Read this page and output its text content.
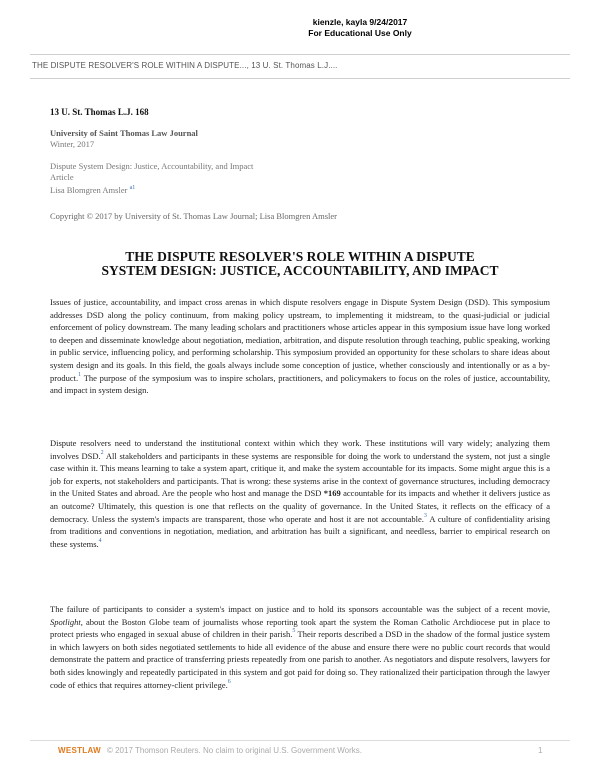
kienzle, kayla 9/24/2017
For Educational Use Only
THE DISPUTE RESOLVER'S ROLE WITHIN A DISPUTE..., 13 U. St. Thomas L.J....
13 U. St. Thomas L.J. 168
University of Saint Thomas Law Journal
Winter, 2017
Dispute System Design: Justice, Accountability, and Impact
Article
Lisa Blomgren Amsler $^{a1}$
Copyright © 2017 by University of St. Thomas Law Journal; Lisa Blomgren Amsler
THE DISPUTE RESOLVER'S ROLE WITHIN A DISPUTE
SYSTEM DESIGN: JUSTICE, ACCOUNTABILITY, AND IMPACT
Issues of justice, accountability, and impact cross arenas in which dispute resolvers engage in Dispute System Design (DSD). This symposium addresses DSD along the policy continuum, from making policy upstream, to implementing it midstream, to the quasi-judicial or judicial enforcement of policy downstream. The many leading scholars and practitioners whose articles appear in this symposium issue have long worked to deepen and disseminate knowledge about negotiation, mediation, arbitration, and dispute resolution through teaching, public speaking, working in public service, influencing policy, and performing scholarship. This symposium provided an opportunity for these scholars to share ideas about system design and its goals. In this field, the goals always include some conception of justice, whether consciously and intentionally or as a by-product.$^1$ The purpose of the symposium was to inspire scholars, practitioners, and policymakers to focus on the roles of justice, accountability, and impact in system design.
Dispute resolvers need to understand the institutional context within which they work. These institutions will vary widely; analyzing them involves DSD.$^2$ All stakeholders and participants in these systems are responsible for doing the work to understand the system, not just a single case within it. This means learning to take a system apart, critique it, and make the system accountable for its impacts. Some might argue this is a job for experts, not stakeholders and participants. That is wrong: these systems arise in the context of governance structures, including democracy in the United States and abroad. Are the people who host and manage the DSD *169 accountable for its impacts and whether it delivers justice as an outcome? Ultimately, this question is one that reflects on the quality of governance. In the United States, it reflects on the efficacy of a democracy. Unless the system's impacts are transparent, those who operate and host it are not accountable.$^3$ A culture of confidentiality arising from traditions and conventions in negotiation, mediation, and arbitration has built a significant, and needless, barrier to empirical research on these systems.$^4$
The failure of participants to consider a system's impact on justice and to hold its sponsors accountable was the subject of a recent movie, Spotlight, about the Boston Globe team of journalists whose reporting took apart the system the Roman Catholic Archdiocese put in place to protect priests who engaged in sexual abuse of children in their parish.$^5$ Their reports described a DSD in the shadow of the formal justice system in which lawyers on both sides negotiated settlements to hide all evidence of the abuse and ensure there were no public court records that would demonstrate the pattern and practice of transferring priests repeatedly from one parish to another. As negotiators and dispute resolvers, lawyers for both sides knowingly and repeatedly participated in this system and got paid for doing so. They rationalized their participation through the lawyer code of ethics that requires attorney-client privilege.$^6$
WESTLAW © 2017 Thomson Reuters. No claim to original U.S. Government Works.	1
